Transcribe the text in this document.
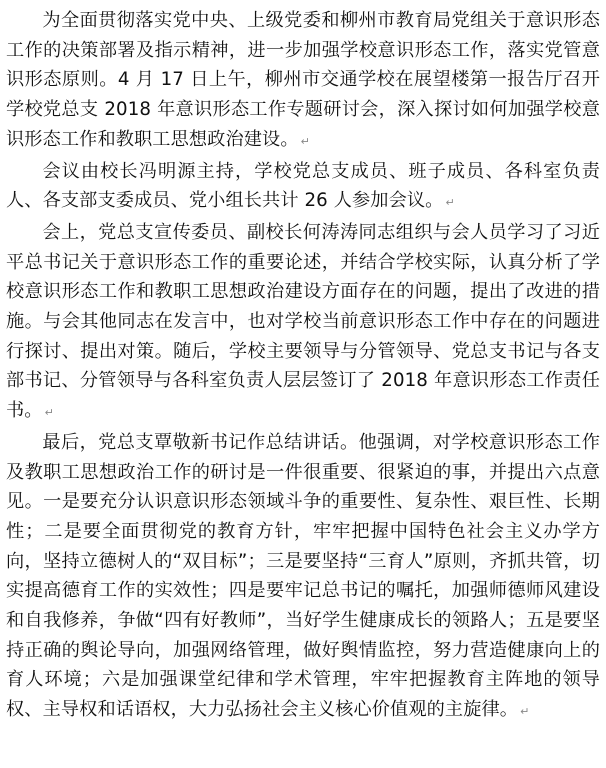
为全面贯彻落实党中央、上级党委和柳州市教育局党组关于意识形态工作的决策部署及指示精神，进一步加强学校意识形态工作，落实党管意识形态原则。4 月 17 日上午，柳州市交通学校在展望楼第一报告厅召开学校党总支 2018 年意识形态工作专题研讨会，深入探讨如何加强学校意识形态工作和教职工思想政治建设。 ↵

会议由校长冯明源主持，学校党总支成员、班子成员、各科室负责人、各支部支委成员、党小组长共计 26 人参加会议。 ↵

会上，党总支宣传委员、副校长何涛涛同志组织与会人员学习了习近平总书记关于意识形态工作的重要论述，并结合学校实际，认真分析了学校意识形态工作和教职工思想政治建设方面存在的问题，提出了改进的措施。与会其他同志在发言中，也对学校当前意识形态工作中存在的问题进行探讨、提出对策。随后，学校主要领导与分管领导、党总支书记与各支部书记、分管领导与各科室负责人层层签订了 2018 年意识形态工作责任书。 ↵

最后，党总支覃敬新书记作总结讲话。他强调，对学校意识形态工作及教职工思想政治工作的研讨是一件很重要、很紧迫的事，并提出六点意见。一是要充分认识意识形态领域斗争的重要性、复杂性、艰巨性、长期性；二是要全面贯彻党的教育方针，牢牢把握中国特色社会主义办学方向，坚持立德树人的“双目标”；三是要坚持“三育人”原则，齐抓共管，切实提高德育工作的实效性；四是要牢记总书记的嘱托，加强师德师风建设和自我修养，争做“四有好教师”，当好学生健康成长的领路人；五是要坚持正确的舆论导向，加强网络管理，做好舆情监控，努力营造健康向上的育人环境；六是加强课堂纪律和学术管理，牢牢把握教育主阵地的领导权、主导权和话语权，大力弘扬社会主义核心价值观的主旋律。 ↵
